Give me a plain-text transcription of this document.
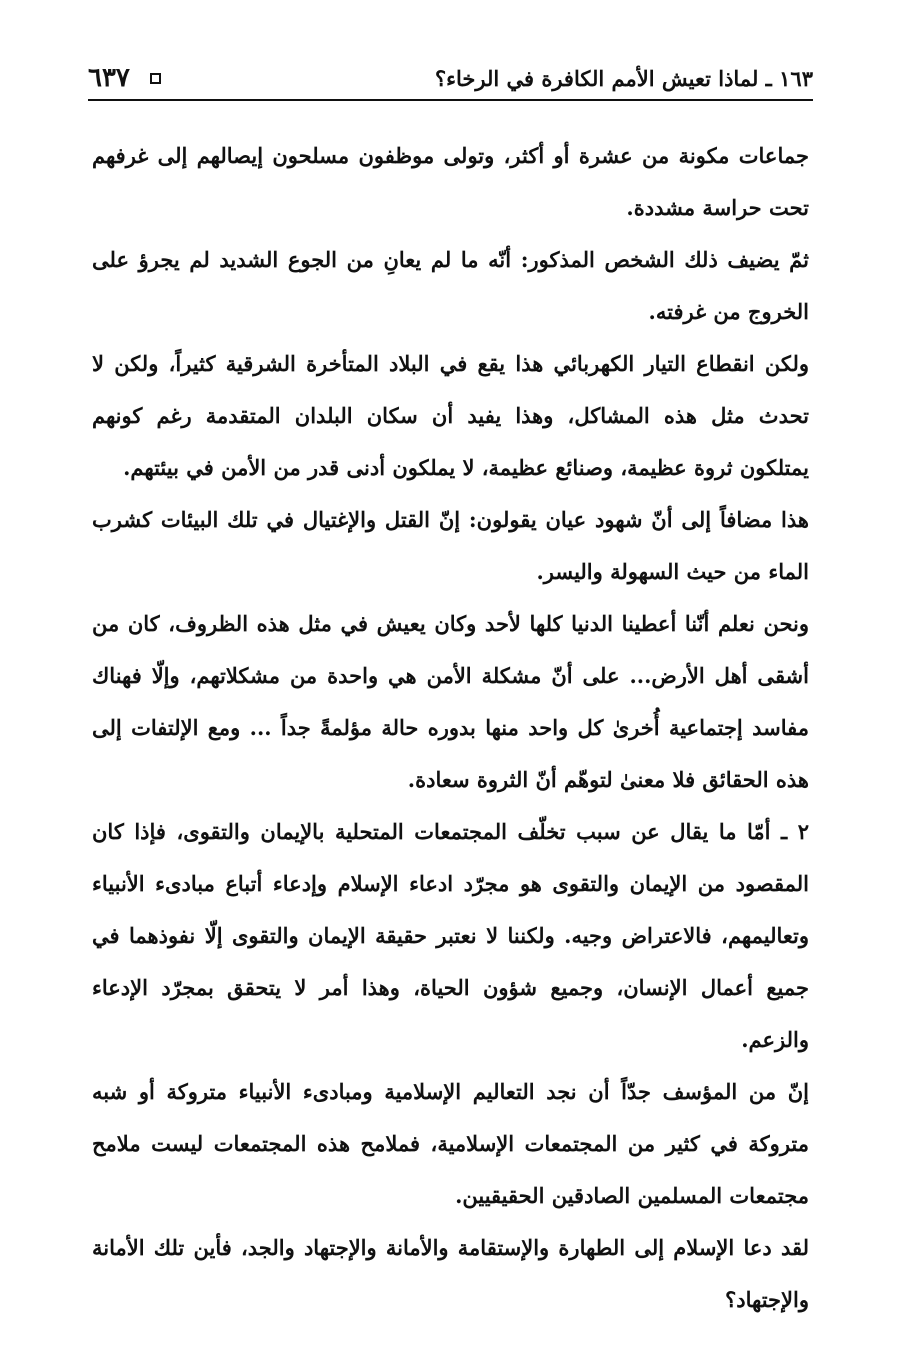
١٦٣ ـ لماذا تعيش الأمم الكافرة في الرخاء؟
٦٣٧

جماعات مكونة من عشرة أو أكثر، وتولى موظفون مسلحون إيصالهم إلى غرفهم تحت حراسة مشددة.

ثمّ يضيف ذلك الشخص المذكور: أنّه ما لم يعانِ من الجوع الشديد لم يجرؤ على الخروج من غرفته.

ولكن انقطاع التيار الكهربائي هذا يقع في البلاد المتأخرة الشرقية كثيراً، ولكن لا تحدث مثل هذه المشاكل، وهذا يفيد أن سكان البلدان المتقدمة رغم كونهم يمتلكون ثروة عظيمة، وصنائع عظيمة، لا يملكون أدنى قدر من الأمن في بيئتهم.

هذا مضافاً إلى أنّ شهود عيان يقولون: إنّ القتل والإغتيال في تلك البيئات كشرب الماء من حيث السهولة واليسر.

ونحن نعلم أنّنا أعطينا الدنيا كلها لأحد وكان يعيش في مثل هذه الظروف، كان من أشقى أهل الأرض... على أنّ مشكلة الأمن هي واحدة من مشكلاتهم، وإلّا فهناك مفاسد إجتماعية أُخرىٰ كل واحد منها بدوره حالة مؤلمةً جداً ... ومع الإلتفات إلى هذه الحقائق فلا معنىٰ لتوهّم أنّ الثروة سعادة.

٢ ـ أمّا ما يقال عن سبب تخلّف المجتمعات المتحلية بالإيمان والتقوى، فإذا كان المقصود من الإيمان والتقوى هو مجرّد ادعاء الإسلام وإدعاء أتباع مبادىء الأنبياء وتعاليمهم، فالاعتراض وجيه. ولكننا لا نعتبر حقيقة الإيمان والتقوى إلّا نفوذهما في جميع أعمال الإنسان، وجميع شؤون الحياة، وهذا أمر لا يتحقق بمجرّد الإدعاء والزعم.

إنّ من المؤسف جدّاً أن نجد التعاليم الإسلامية ومبادىء الأنبياء متروكة أو شبه متروكة في كثير من المجتمعات الإسلامية، فملامح هذه المجتمعات ليست ملامح مجتمعات المسلمين الصادقين الحقيقيين.

لقد دعا الإسلام إلى الطهارة والإستقامة والأمانة والإجتهاد والجد، فأين تلك الأمانة والإجتهاد؟
